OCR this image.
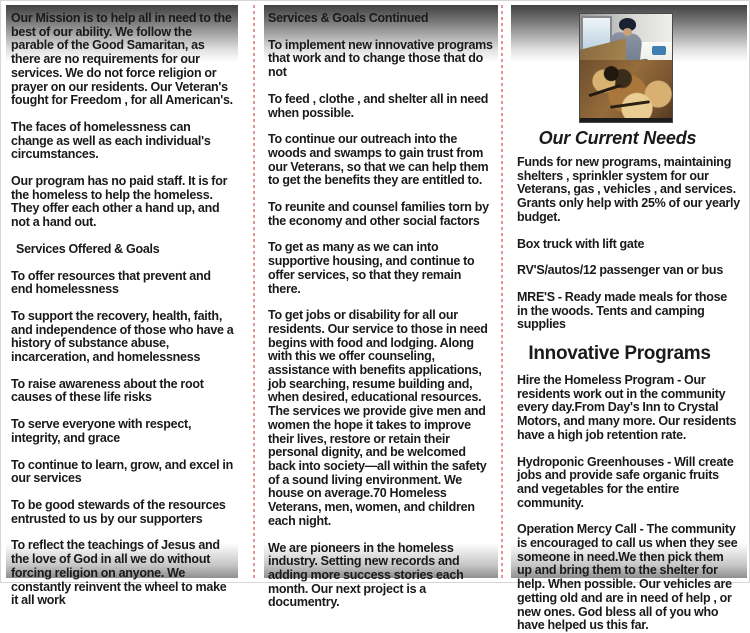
Our Mission is to help all in need to the best of our ability. We follow the parable of the Good Samaritan, as there are no requirements for our services. We do not force religion or prayer on our residents. Our Veteran's fought for Freedom , for all American's.

The faces of homelessness can change as well as each individual's circumstances.

Our program has no paid staff. It is for the homeless to help the homeless. They offer each other a hand up, and not a hand out.

Services Offered & Goals

To offer resources that prevent and end homelessness

To support the recovery, health, faith, and independence of those who have a history of substance abuse, incarceration, and homelessness

To raise awareness about the root causes of these life risks

To serve everyone with respect, integrity, and grace

To continue to learn, grow, and excel in our services

To be good stewards of the resources entrusted to us by our supporters

To reflect the teachings of Jesus and the love of God in all we do without forcing religion on anyone. We constantly reinvent the wheel to make it all work

Services & Goals Continued

To implement new innovative programs that work and to change those that do not

To feed , clothe , and shelter all in need when possible.

To continue our outreach into the woods and swamps to gain trust from our Veterans, so that we can help them to get the benefits they are entitled to.

To reunite and counsel families torn by the economy and other social factors

To get as many as we can into supportive housing, and continue to offer services, so that they remain there.

To get jobs or disability for all our residents. Our service to those in need begins with food and lodging. Along with this we offer counseling, assistance with benefits applications, job searching, resume building and, when desired, educational resources. The services we provide give men and women the hope it takes to improve their lives, restore or retain their personal dignity, and be welcomed back into society—all within the safety of a sound living environment. We house on average.70 Homeless Veterans, men, women, and children each night.

We are pioneers in the homeless industry. Setting new records and adding more success stories each month. Our next project is a documentry.

Our Current Needs

Funds for new programs, maintaining shelters , sprinkler system for our Veterans, gas , vehicles , and services. Grants only help with 25% of our yearly budget.

Box truck with lift gate

RV'S/autos/12 passenger van or bus

MRE'S - Ready made meals for those in the woods. Tents and camping supplies

Innovative Programs

Hire the Homeless Program - Our residents work out in the community every day.From Day's Inn to Crystal Motors, and many more. Our residents have a high job retention rate.

Hydroponic Greenhouses - Will create jobs and provide safe organic fruits and vegetables for the entire community.

Operation Mercy Call - The community is encouraged to call us when they see someone in need.We then pick them up and bring them to the shelter for help. When possible. Our vehicles are getting old and are in need of help , or new ones. God bless all of you who have helped us this far.
